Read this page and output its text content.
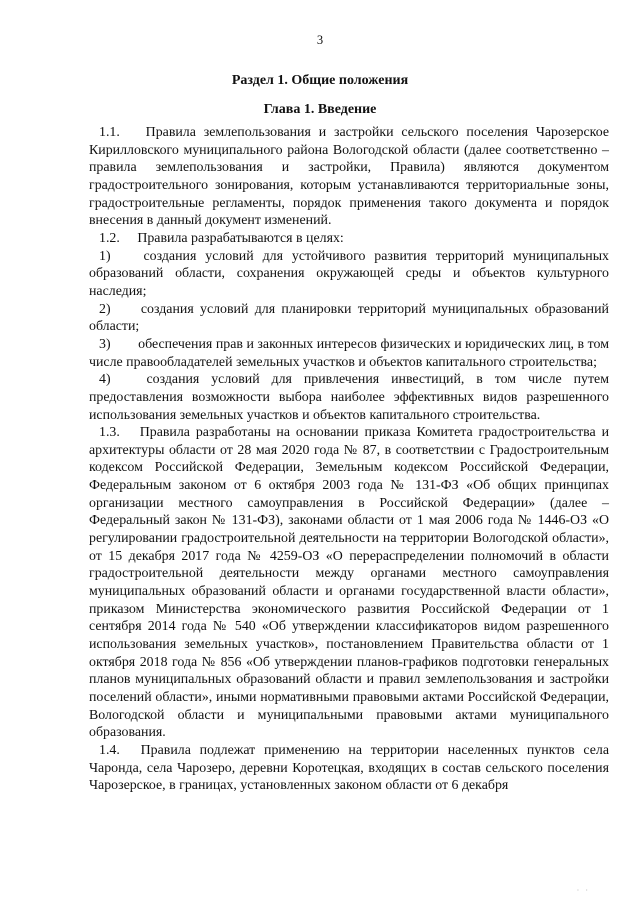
3
Раздел 1. Общие положения
Глава 1. Введение

1.1. Правила землепользования и застройки сельского поселения Чарозерское Кирилловского муниципального района Вологодской области (далее соответственно – правила землепользования и застройки, Правила) являются документом градостроительного зонирования, которым устанавливаются территориальные зоны, градостроительные регламенты, порядок применения такого документа и порядок внесения в данный документ изменений.

1.2. Правила разрабатываются в целях:

1) создания условий для устойчивого развития территорий муниципальных образований области, сохранения окружающей среды и объектов культурного наследия;

2) создания условий для планировки территорий муниципальных образований области;

3) обеспечения прав и законных интересов физических и юридических лиц, в том числе правообладателей земельных участков и объектов капитального строительства;

4)	создания условий для привлечения инвестиций, в том числе путем предоставления возможности выбора наиболее эффективных видов разрешенного использования земельных участков и объектов капитального строительства.

1.3. Правила разработаны на основании приказа Комитета градостроительства и архитектуры области от 28 мая 2020 года № 87, в соответствии с Градостроительным кодексом Российской Федерации, Земельным кодексом Российской Федерации, Федеральным законом от 6 октября 2003 года № 131-ФЗ «Об общих принципах организации местного самоуправления в Российской Федерации» (далее – Федеральный закон № 131-ФЗ), законами области от 1 мая 2006 года № 1446-ОЗ «О регулировании градостроительной деятельности на территории Вологодской области», от 15 декабря 2017 года № 4259-ОЗ «О перераспределении полномочий в области градостроительной деятельности между органами местного самоуправления муниципальных образований области и органами государственной власти области», приказом Министерства экономического развития Российской Федерации от 1 сентября 2014 года № 540 «Об утверждении классификаторов видом разрешенного использования земельных участков», постановлением Правительства области от 1 октября 2018 года № 856 «Об утверждении планов-графиков подготовки генеральных планов муниципальных образований области и правил землепользования и застройки поселений области», иными нормативными правовыми актами Российской Федерации, Вологодской области и муниципальными правовыми актами муниципального образования.

1.4. Правила подлежат применению на территории населенных пунктов села Чаронда, села Чарозеро, деревни Коротецкая, входящих в состав сельского поселения Чарозерское, в границах, установленных законом области от 6 декабря

· ·
